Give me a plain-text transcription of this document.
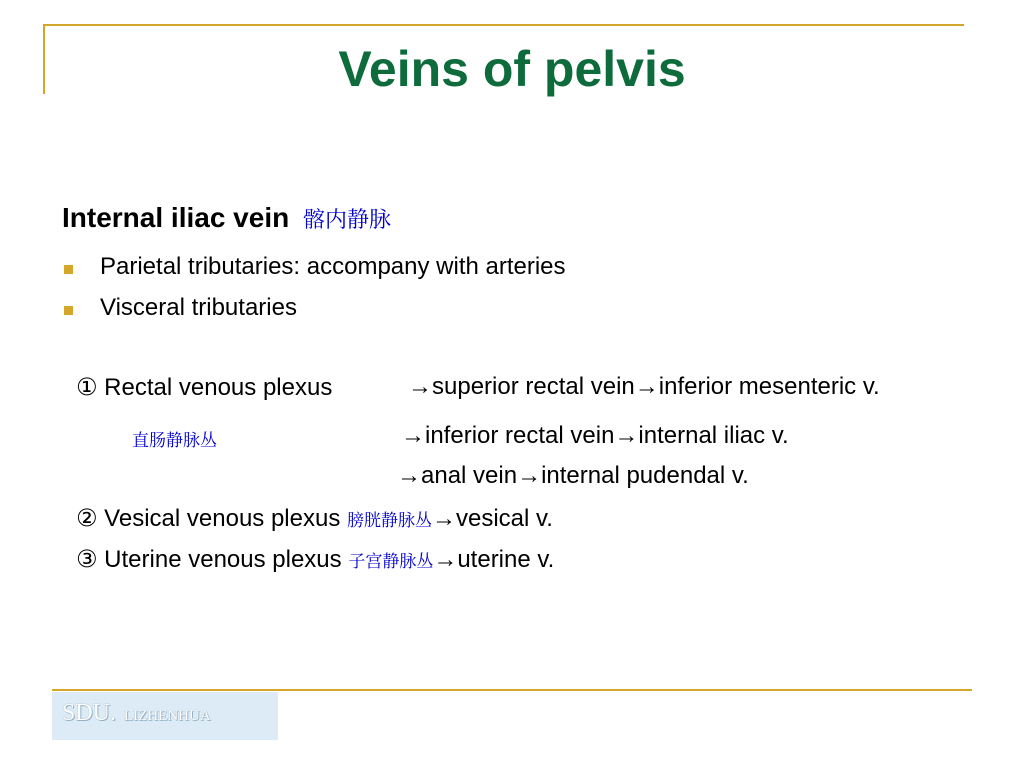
Veins of pelvis
Internal iliac vein 髂内静脉
Parietal tributaries: accompany with arteries
Visceral tributaries
① Rectal venous plexus	→superior rectal vein→inferior mesenteric v.
直肠静脉丛	→inferior rectal vein→internal iliac v.
→anal vein→internal pudendal v.
② Vesical venous plexus 膀胱静脉丛→vesical v.
③ Uterine venous plexus 子宫静脉丛→uterine v.
SDU. LIZHENHUA
